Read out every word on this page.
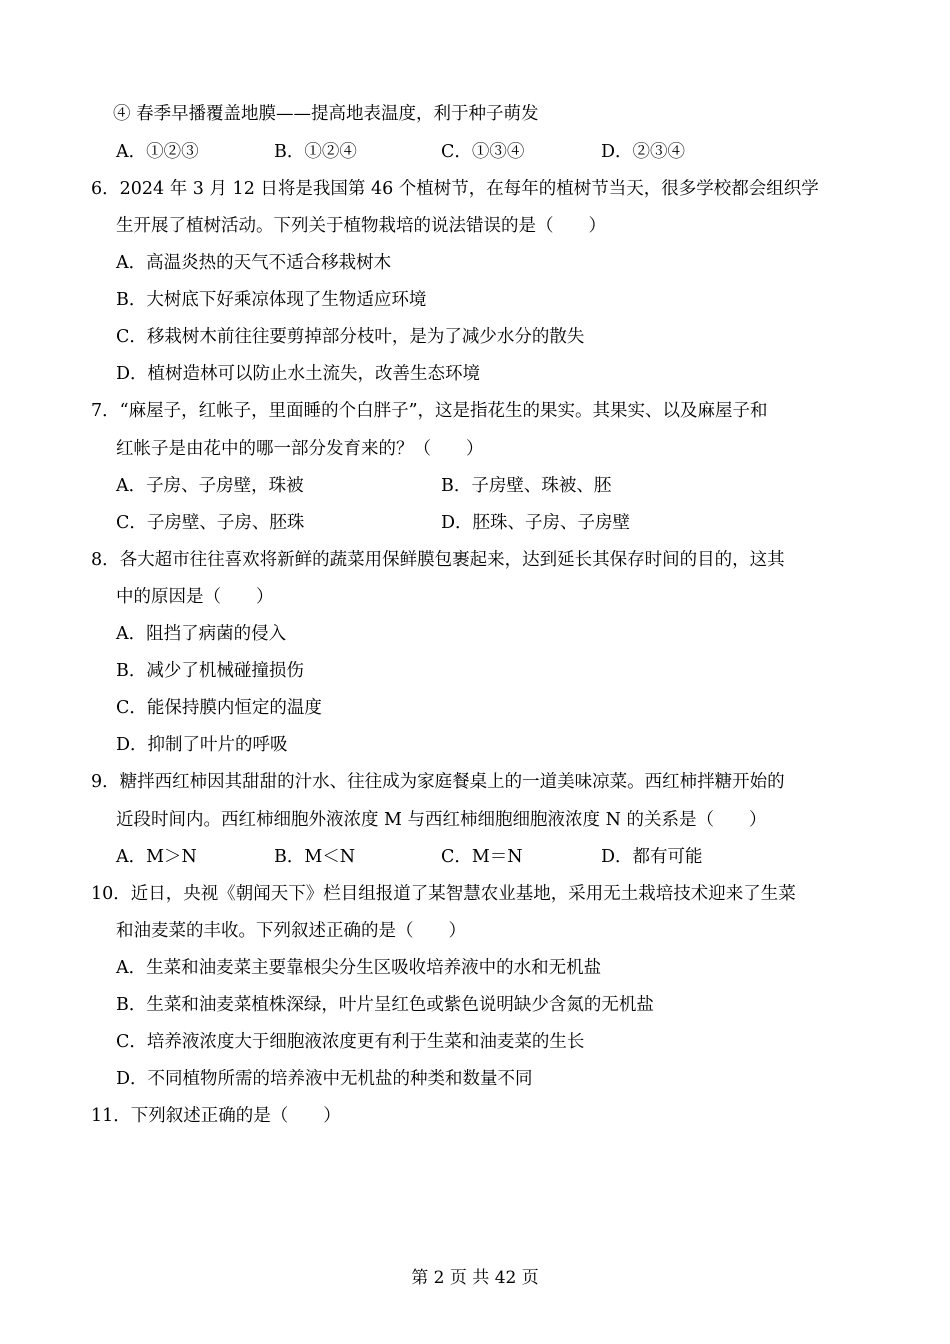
④ 春季早播覆盖地膜——提高地表温度，利于种子萌发
A．①②③	B．①②④	C．①③④	D．②③④
6．2024 年 3 月 12 日将是我国第 46 个植树节，在每年的植树节当天，很多学校都会组织学
生开展了植树活动。下列关于植物栽培的说法错误的是（　　）
A．高温炎热的天气不适合移栽树木
B．大树底下好乘凉体现了生物适应环境
C．移栽树木前往往要剪掉部分枝叶，是为了减少水分的散失
D．植树造林可以防止水土流失，改善生态环境
7．“麻屋子，红帐子，里面睡的个白胖子”，这是指花生的果实。其果实、以及麻屋子和
红帐子是由花中的哪一部分发育来的？（　　）
A．子房、子房壁，珠被	B．子房壁、珠被、胚
C．子房壁、子房、胚珠	D．胚珠、子房、子房壁
8．各大超市往往喜欢将新鲜的蔬菜用保鲜膜包裹起来，达到延长其保存时间的目的，这其
中的原因是（　　）
A．阻挡了病菌的侵入
B．减少了机械碰撞损伤
C．能保持膜内恒定的温度
D．抑制了叶片的呼吸
9．糖拌西红柿因其甜甜的汁水、往往成为家庭餐桌上的一道美味凉菜。西红柿拌糖开始的
近段时间内。西红柿细胞外液浓度 M 与西红柿细胞细胞液浓度 N 的关系是（　　）
A．M＞N	B．M＜N	C．M＝N	D．都有可能
10．近日，央视《朝闻天下》栏目组报道了某智慧农业基地，采用无土栽培技术迎来了生菜
和油麦菜的丰收。下列叙述正确的是（　　）
A．生菜和油麦菜主要靠根尖分生区吸收培养液中的水和无机盐
B．生菜和油麦菜植株深绿，叶片呈红色或紫色说明缺少含氮的无机盐
C．培养液浓度大于细胞液浓度更有利于生菜和油麦菜的生长
D．不同植物所需的培养液中无机盐的种类和数量不同
11．下列叙述正确的是（　　）
第 2 页 共 42 页
